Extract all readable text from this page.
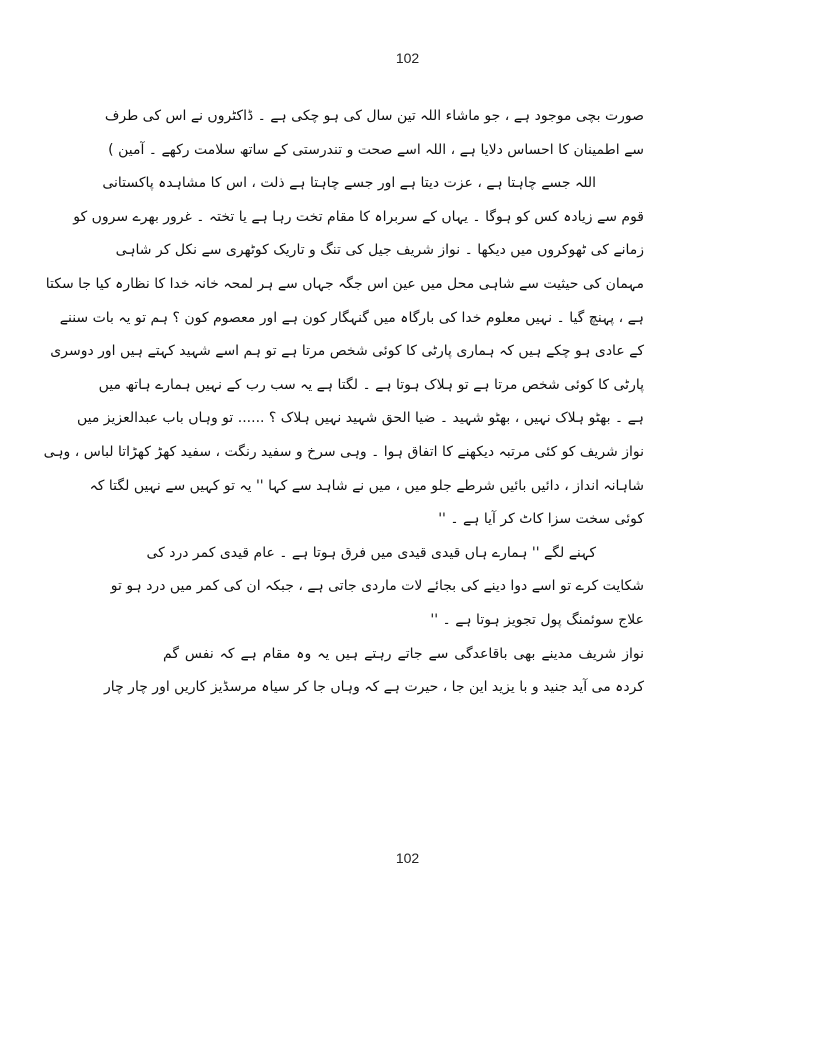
102
صورت بچی موجود ہے ، جو ماشاء اللہ تین سال کی ہو چکی ہے ۔ ڈاکٹروں نے اس کی طرف
سے اطمینان کا احساس دلایا ہے ، اللہ اسے صحت و تندرستی کے ساتھ سلامت رکھے ۔ آمین )
اللہ جسے چاہتا ہے ، عزت دیتا ہے اور جسے چاہتا ہے ذلت ، اس کا مشاہدہ پاکستانی
قوم سے زیادہ کس کو ہوگا ۔ یہاں کے سربراہ کا مقام تخت رہا ہے یا تختہ ۔ غرور بھرے سروں کو
زمانے کی ٹھوکروں میں دیکھا ۔ نواز شریف جیل کی تنگ و تاریک کوٹھری سے نکل کر شاہی
مہمان کی حیثیت سے شاہی محل میں عین اس جگہ جہاں سے ہر لمحہ خانہ خدا کا نظارہ کیا جا سکتا
ہے ، پہنچ گیا ۔ نہیں معلوم خدا کی بارگاہ میں گنہگار کون ہے اور معصوم کون ؟ ہم تو یہ بات سننے
کے عادی ہو چکے ہیں کہ ہماری پارٹی کا کوئی شخص مرتا ہے تو ہم اسے شہید کہتے ہیں اور دوسری
پارٹی کا کوئی شخص مرتا ہے تو ہلاک ہوتا ہے ۔ لگتا ہے یہ سب رب کے نہیں ہمارے ہاتھ میں
ہے ۔ بھٹو ہلاک نہیں ، بھٹو شہید ۔ ضیا الحق شہید نہیں ہلاک ؟ ...... تو وہاں باب عبدالعزیز میں
نواز شریف کو کئی مرتبہ دیکھنے کا اتفاق ہوا ۔ وہی سرخ و سفید رنگت ، سفید کھڑ کھڑاتا لباس ، وہی
شاہانہ انداز ، دائیں بائیں شرطے جلو میں ، میں نے شاہد سے کہا '' یہ تو کہیں سے نہیں لگتا کہ
کوئی سخت سزا کاٹ کر آیا ہے ۔ ''
کہنے لگے '' ہمارے ہاں قیدی قیدی میں فرق ہوتا ہے ۔ عام قیدی کمر درد کی
شکایت کرے تو اسے دوا دینے کی بجائے لات ماردی جاتی ہے ، جبکہ ان کی کمر میں درد ہو تو
علاج سوئمنگ پول تجویز ہوتا ہے ۔ ''
نواز شریف مدینے بھی باقاعدگی سے جاتے رہتے ہیں یہ وہ مقام ہے کہ نفس گم
کردہ می آید جنید و با یزید این جا ، حیرت ہے کہ وہاں جا کر سیاہ مرسڈیز کاریں اور چار چار
102
